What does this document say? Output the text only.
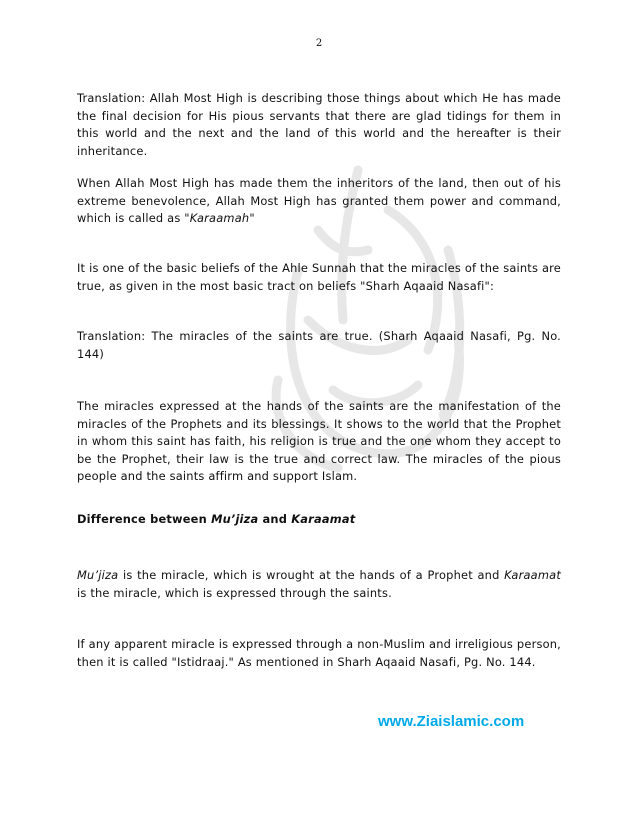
2

Translation: Allah Most High is describing those things about which He has made the final decision for His pious servants that there are glad tidings for them in this world and the next and the land of this world and the hereafter is their inheritance.

When Allah Most High has made them the inheritors of the land, then out of his extreme benevolence, Allah Most High has granted them power and command, which is called as "Karaamah"

It is one of the basic beliefs of the Ahle Sunnah that the miracles of the saints are true, as given in the most basic tract on beliefs "Sharh Aqaaid Nasafi":

Translation: The miracles of the saints are true. (Sharh Aqaaid Nasafi, Pg. No. 144)

The miracles expressed at the hands of the saints are the manifestation of the miracles of the Prophets and its blessings. It shows to the world that the Prophet in whom this saint has faith, his religion is true and the one whom they accept to be the Prophet, their law is the true and correct law. The miracles of the pious people and the saints affirm and support Islam.

Difference between Mu’jiza and Karaamat

Mu’jiza is the miracle, which is wrought at the hands of a Prophet and Karaamat is the miracle, which is expressed through the saints.

If any apparent miracle is expressed through a non-Muslim and irreligious person, then it is called "Istidraaj." As mentioned in Sharh Aqaaid Nasafi, Pg. No. 144.

www.Ziaislamic.com
